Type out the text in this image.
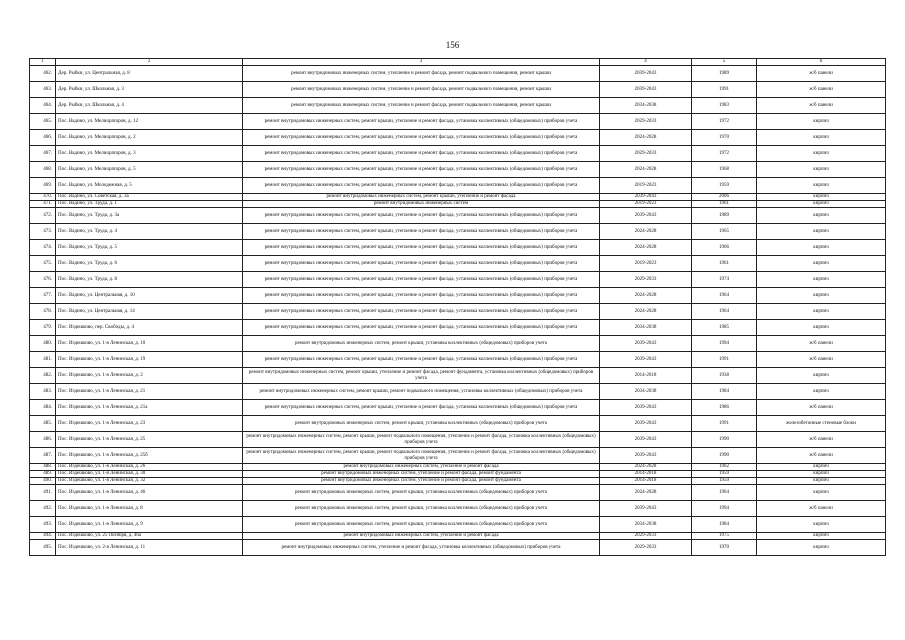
156
1	2	3	4	5	6
462.	Дер. Рыбки, ул. Центральная, д. 8	ремонт внутридомовых инженерных систем, утепление и ремонт фасада, ремонт подвального помещения, ремонт крыши	2039-2043	1989	ж/б панели
463.	Дер. Рыбки, ул. Школьная, д. 3	ремонт внутридомовых инженерных систем, утепление и ремонт фасада, ремонт подвального помещения, ремонт крыши	2039-2043	1991	ж/б панели
464.	Дер. Рыбки, ул. Школьная, д. 4	ремонт внутридомовых инженерных систем, утепление и ремонт фасада, ремонт подвального помещения, ремонт крыши	2034-2038	1983	ж/б панели
465.	Пос. Вадино, ул. Мелиораторов, д. 12	ремонт внутридомовых инженерных систем, ремонт крыши, утепление и ремонт фасада, установка коллективных (общедомовых) приборов учета	2029-2033	1972	кирпич
466.	Пос. Вадино, ул. Мелиораторов, д. 2	ремонт внутридомовых инженерных систем, ремонт крыши, утепление и ремонт фасада, установка коллективных (общедомовых) приборов учета	2024-2028	1970	кирпич
467.	Пос. Вадино, ул. Мелиораторов, д. 3	ремонт внутридомовых инженерных систем, ремонт крыши, утепление и ремонт фасада, установка коллективных (общедомовых) приборов учета	2029-2033	1972	кирпич
468.	Пос. Вадино, ул. Мелиораторов, д. 5	ремонт внутридомовых инженерных систем, ремонт крыши, утепление и ремонт фасада, установка коллективных (общедомовых) приборов учета	2024-2028	1968	кирпич
469.	Пос. Вадино, ул. Молодежная, д. 5	ремонт внутридомовых инженерных систем, ремонт крыши, утепление и ремонт фасада, установка коллективных (общедомовых) приборов учета	2019-2023	1959	кирпич
470.	Пос. Вадино, ул. Советская, д. 3а	ремонт внутридомовых инженерных систем, ремонт крыши, утепление и ремонт фасада	2039-2043	2006	кирпич
471.	Пос. Вадино, ул. Труда, д. 1	ремонт внутридомовых инженерных систем	2019-2023	1961	кирпич
472.	Пос. Вадино, ул. Труда, д. 3а	ремонт внутридомовых инженерных систем, ремонт крыши, утепление и ремонт фасада, установка коллективных (общедомовых) приборов учета	2039-2043	1989	кирпич
473.	Пос. Вадино, ул. Труда, д. 4	ремонт внутридомовых инженерных систем, ремонт крыши, утепление и ремонт фасада, установка коллективных (общедомовых) приборов учета	2024-2028	1965	кирпич
474.	Пос. Вадино, ул. Труда, д. 5	ремонт внутридомовых инженерных систем, ремонт крыши, утепление и ремонт фасада, установка коллективных (общедомовых) приборов учета	2024-2028	1966	кирпич
475.	Пос. Вадино, ул. Труда, д. 6	ремонт внутридомовых инженерных систем, ремонт крыши, утепление и ремонт фасада, установка коллективных (общедомовых) приборов учета	2019-2023	1961	кирпич
476.	Пос. Вадино, ул. Труда, д. 8	ремонт внутридомовых инженерных систем, ремонт крыши, утепление и ремонт фасада, установка коллективных (общедомовых) приборов учета	2029-2033	1974	кирпич
477.	Пос. Вадино, ул. Центральная, д. 10	ремонт внутридомовых инженерных систем, ремонт крыши, утепление и ремонт фасада, установка коллективных (общедомовых) приборов учета	2024-2028	1964	кирпич
478.	Пос. Вадино, ул. Центральная, д. 14	ремонт внутридомовых инженерных систем, ремонт крыши, утепление и ремонт фасада, установка коллективных (общедомовых) приборов учета	2024-2028	1964	кирпич
479.	Пос. Издешково, пер. Свободы, д. 4	ремонт внутридомовых инженерных систем, ремонт крыши, утепление и ремонт фасада, установка коллективных (общедомовых) приборов учета	2034-2038	1985	кирпич
480.	Пос. Издешково, ул. 1-я Ленинская, д. 10	ремонт внутридомовых инженерных систем, ремонт крыши, установка коллективных (общедомовых) приборов учета	2039-2043	1994	ж/б панели
481.	Пос. Издешково, ул. 1-я Ленинская, д. 19	ремонт внутридомовых инженерных систем, ремонт крыши, утепление и ремонт фасада, установка коллективных (общедомовых) приборов учета	2039-2043	1991	ж/б панели
482.	Пос. Издешково, ул. 1-я Ленинская, д. 2	ремонт внутридомовых инженерных систем, ремонт крыши, утепление и ремонт фасада, ремонт фундамента, установка коллективных (общедомовых) приборов учета	2014-2018	1938	кирпич
483.	Пос. Издешково, ул. 1-я Ленинская, д. 21	ремонт внутридомовых инженерных систем, ремонт крыши, ремонт подвального помещения, установка коллективных (общедомовых) приборов учета	2034-2038	1984	кирпич
484.	Пос. Издешково, ул. 1-я Ленинская, д. 21а	ремонт внутридомовых инженерных систем, ремонт крыши, утепление и ремонт фасада, установка коллективных (общедомовых) приборов учета	2039-2043	1986	ж/б панели
485.	Пос. Издешково, ул. 1-я Ленинская, д. 23	ремонт внутридомовых инженерных систем, ремонт крыши, установка коллективных (общедомовых) приборов учета	2039-2043	1991	железобетонные стеновые блоки
486.	Пос. Издешково, ул. 1-я Ленинская, д. 25	ремонт внутридомовых инженерных систем, ремонт крыши, ремонт подвального помещения, утепление и ремонт фасада, установка коллективных (общедомовых) приборов учета	2039-2043	1990	ж/б панели
487.	Пос. Издешково, ул. 1-я Ленинская, д. 25б	ремонт внутридомовых инженерных систем, ремонт крыши, ремонт подвального помещения, утепление и ремонт фасада, установка коллективных (общедомовых) приборов учета	2039-2043	1990	ж/б панели
488.	Пос. Издешково, ул. 1-я Ленинская, д. 26	ремонт внутридомовых инженерных систем, утепление и ремонт фасада	2024-2028	1962	кирпич
489.	Пос. Издешково, ул. 1-я Ленинская, д. 30	ремонт внутридомовых инженерных систем, утепление и ремонт фасада, ремонт фундамента	2014-2018	1959	кирпич
490.	Пос. Издешково, ул. 1-я Ленинская, д. 32	ремонт внутридомовых инженерных систем, утепление и ремонт фасада, ремонт фундамента	2014-2018	1959	кирпич
491.	Пос. Издешково, ул. 1-я Ленинская, д. 46	ремонт внутридомовых инженерных систем, ремонт крыши, установка коллективных (общедомовых) приборов учета	2024-2028	1964	кирпич
492.	Пос. Издешково, ул. 1-я Ленинская, д. 8	ремонт внутридомовых инженерных систем, ремонт крыши, установка коллективных (общедомовых) приборов учета	2039-2043	1994	ж/б панели
493.	Пос. Издешково, ул. 1-я Ленинская, д. 9	ремонт внутридомовых инженерных систем, ремонт крыши, установка коллективных (общедомовых) приборов учета	2034-2038	1984	кирпич
494.	Пос. Издешково, ул. 25 Октября, д. 46а	ремонт внутридомовых инженерных систем, утепление и ремонт фасада	2029-2033	1975	кирпич
495.	Пос. Издешково, ул. 2-я Ленинская, д. 11	ремонт внутридомовых инженерных систем, утепление и ремонт фасада, установка коллективных (общедомовых) приборов учета	2029-2033	1970	кирпич
